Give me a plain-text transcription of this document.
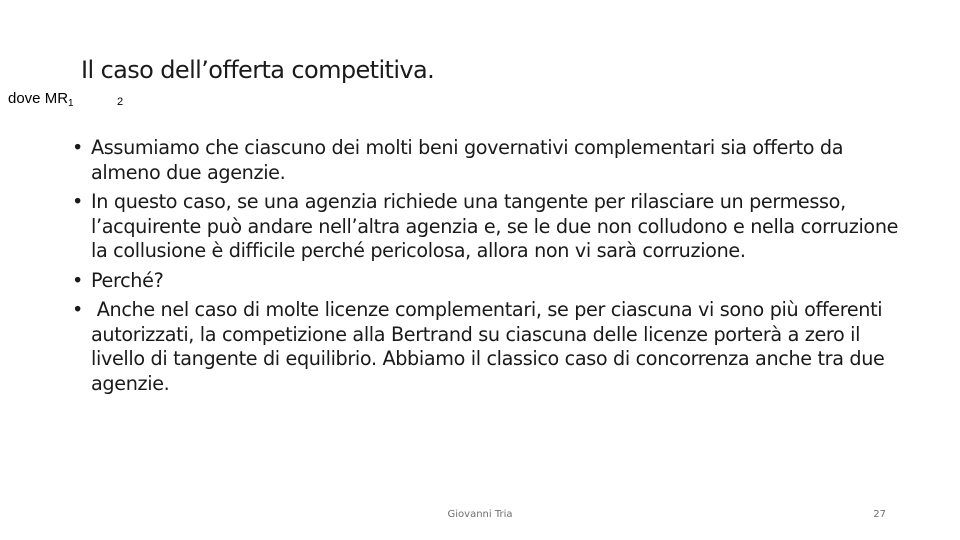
Il caso dell’offerta competitiva.
dove $MR_1$	2
• Assumiamo che ciascuno dei molti beni governativi complementari sia offerto da almeno due agenzie.
• In questo caso, se una agenzia richiede una tangente per rilasciare un permesso, l’acquirente può andare nell’altra agenzia e, se le due non colludono e nella corruzione la collusione è difficile perché pericolosa, allora non vi sarà corruzione.
• Perché?
• Anche nel caso di molte licenze complementari, se per ciascuna vi sono più offerenti autorizzati, la competizione alla Bertrand su ciascuna delle licenze porterà a zero il livello di tangente di equilibrio. Abbiamo il classico caso di concorrenza anche tra due agenzie.
Giovanni Tria	27
